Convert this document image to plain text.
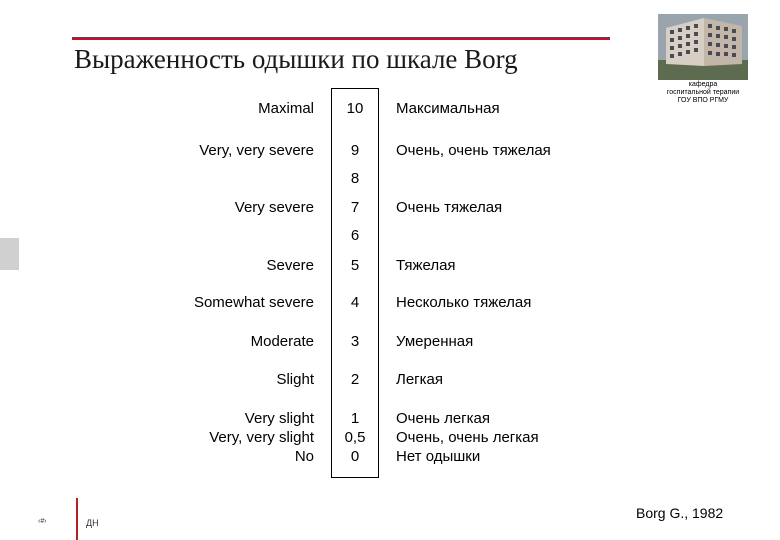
Выраженность одышки по шкале Borg
кафедра
госпитальной терапии
ГОУ ВПО РГМУ
Maximal	10	Максимальная
Very, very severe	9	Очень, очень тяжелая
8
Very severe	7	Очень тяжелая
6
Severe	5	Тяжелая
Somewhat severe	4	Несколько тяжелая
Moderate	3	Умеренная
Slight	2	Легкая
Very slight	1	Очень легкая
Very, very slight	0,5	Очень, очень легкая
No	0	Нет одышки
‹#›	ДН
Borg G., 1982
